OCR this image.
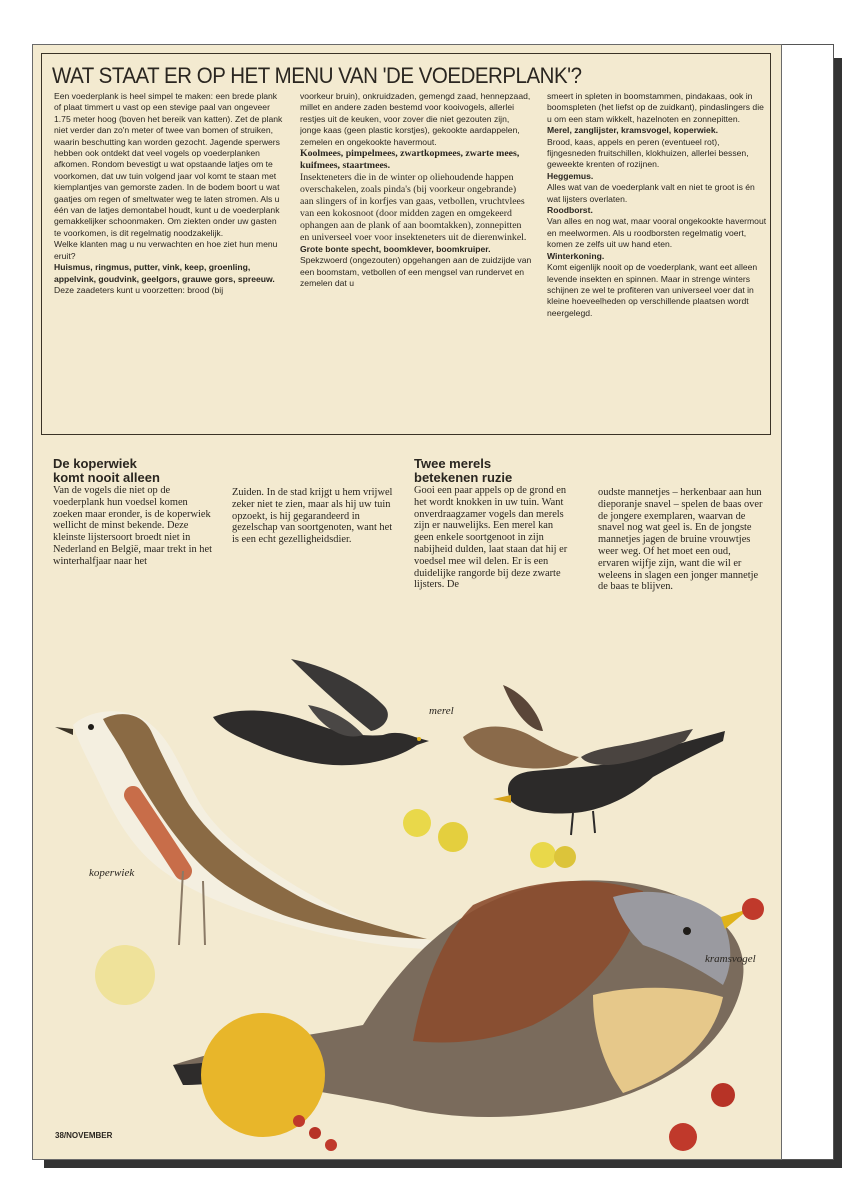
WAT STAAT ER OP HET MENU VAN 'DE VOEDERPLANK'?

Een voederplank is heel simpel te maken: een brede plank of plaat timmert u vast op een stevige paal van ongeveer 1.75 meter hoog (boven het bereik van katten). Zet de plank niet verder dan zo'n meter of twee van bomen of struiken, waarin beschutting kan worden gezocht. Jagende sperwers hebben ook ontdekt dat veel vogels op voederplanken afkomen. Rondom bevestigt u wat opstaande latjes om te voorkomen, dat uw tuin volgend jaar vol komt te staan met kiemplantjes van gemorste zaden. In de bodem boort u wat gaatjes om regen of smeltwater weg te laten stromen. Als u één van de latjes demontabel houdt, kunt u de voederplank gemakkelijker schoonmaken. Om ziekten onder uw gasten te voorkomen, is dit regelmatig noodzakelijk.

Welke klanten mag u nu verwachten en hoe ziet hun menu eruit?

Huismus, ringmus, putter, vink, keep, groenling, appelvink, goudvink, geelgors, grauwe gors, spreeuw.

Deze zaadeters kunt u voorzetten: brood (bij

voorkeur bruin), onkruidzaden, gemengd zaad, hennepzaad, millet en andere zaden bestemd voor kooivogels, allerlei restjes uit de keuken, voor zover die niet gezouten zijn, jonge kaas (geen plastic korstjes), gekookte aardappelen, zemelen en ongekookte havermout.

Koolmees, pimpelmees, zwartkopmees, zwarte mees, kuifmees, staartmees.

Insekteneters die in de winter op oliehoudende happen overschakelen, zoals pinda's (bij voorkeur ongebrande) aan slingers of in korfjes van gaas, vetbollen, vruchtvlees van een kokosnoot (door midden zagen en omgekeerd ophangen aan de plank of aan boomtakken), zonnepitten en universeel voer voor insekteneters uit de dierenwinkel.

Grote bonte specht, boomklever, boomkruiper.

Spekzwoerd (ongezouten) opgehangen aan de zuidzijde van een boomstam, vetbollen of een mengsel van rundervet en zemelen dat u

smeert in spleten in boomstammen, pindakaas, ook in boomspleten (het liefst op de zuidkant), pindaslingers die u om een stam wikkelt, hazelnoten en zonnepitten.

Merel, zanglijster, kramsvogel, koperwiek.

Brood, kaas, appels en peren (eventueel rot), fijngesneden fruitschillen, klokhuizen, allerlei bessen, geweekte krenten of rozijnen.

Heggemus.

Alles wat van de voederplank valt en niet te groot is én wat lijsters overlaten.

Roodborst.

Van alles en nog wat, maar vooral ongekookte havermout en meelwormen. Als u roodborsten regelmatig voert, komen ze zelfs uit uw hand eten.

Winterkoning.

Komt eigenlijk nooit op de voederplank, want eet alleen levende insekten en spinnen. Maar in strenge winters schijnen ze wel te profiteren van universeel voer dat in kleine hoeveelheden op verschillende plaatsen wordt neergelegd.

De koperwiek
komt nooit alleen
Van de vogels die niet op de voederplank hun voedsel komen zoeken maar eronder, is de koperwiek wellicht de minst bekende. Deze kleinste lijstersoort broedt niet in Nederland en België, maar trekt in het winterhalfjaar naar het
Zuiden. In de stad krijgt u hem vrijwel zeker niet te zien, maar als hij uw tuin opzoekt, is hij gegarandeerd in gezelschap van soortgenoten, want het is een echt gezelligheidsdier.
Twee merels
betekenen ruzie
Gooi een paar appels op de grond en het wordt knokken in uw tuin. Want onverdraagzamer vogels dan merels zijn er nauwelijks. Een merel kan geen enkele soortgenoot in zijn nabijheid dulden, laat staan dat hij er voedsel mee wil delen. Er is een duidelijke rangorde bij deze zwarte lijsters. De
oudste mannetjes – herkenbaar aan hun dieporanje snavel – spelen de baas over de jongere exemplaren, waarvan de snavel nog wat geel is. En de jongste mannetjes jagen de bruine vrouwtjes weer weg. Of het moet een oud, ervaren wijfje zijn, want die wil er weleens in slagen een jonger mannetje de baas te blijven.
merel
koperwiek
kramsvogel
38/NOVEMBER
